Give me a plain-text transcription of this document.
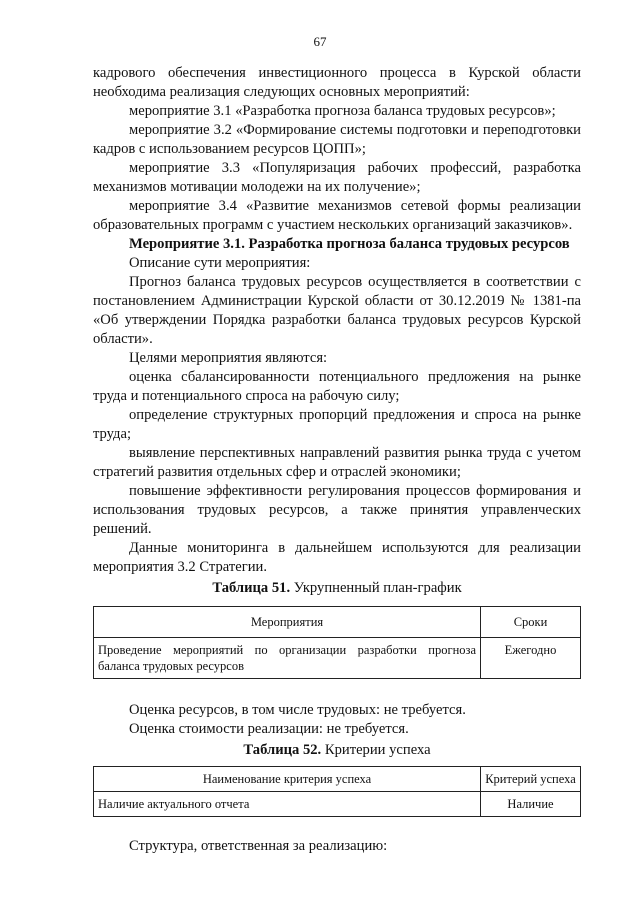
67

кадрового обеспечения инвестиционного процесса в Курской области необходима реализация следующих основных мероприятий:

мероприятие 3.1 «Разработка прогноза баланса трудовых ресурсов»;

мероприятие 3.2 «Формирование системы подготовки и переподготовки кадров с использованием ресурсов ЦОПП»;

мероприятие 3.3 «Популяризация рабочих профессий, разработка механизмов мотивации молодежи на их получение»;

мероприятие 3.4 «Развитие механизмов сетевой формы реализации образовательных программ с участием нескольких организаций заказчиков».

Мероприятие 3.1. Разработка прогноза баланса трудовых ресурсов

Описание сути мероприятия:

Прогноз баланса трудовых ресурсов осуществляется в соответствии с постановлением Администрации Курской области от 30.12.2019 № 1381-па «Об утверждении Порядка разработки баланса трудовых ресурсов Курской области».

Целями мероприятия являются:

оценка сбалансированности потенциального предложения на рынке труда и потенциального спроса на рабочую силу;

определение структурных пропорций предложения и спроса на рынке труда;

выявление перспективных направлений развития рынка труда с учетом стратегий развития отдельных сфер и отраслей экономики;

повышение эффективности регулирования процессов формирования и использования трудовых ресурсов, а также принятия управленческих решений.

Данные мониторинга в дальнейшем используются для реализации мероприятия 3.2 Стратегии.

Таблица 51. Укрупненный план-график

Мероприятия	Сроки
Проведение мероприятий по организации разработки прогноза баланса трудовых ресурсов	Ежегодно

Оценка ресурсов, в том числе трудовых: не требуется.

Оценка стоимости реализации: не требуется.

Таблица 52. Критерии успеха

Наименование критерия успеха	Критерий успеха
Наличие актуального отчета	Наличие

Структура, ответственная за реализацию:
